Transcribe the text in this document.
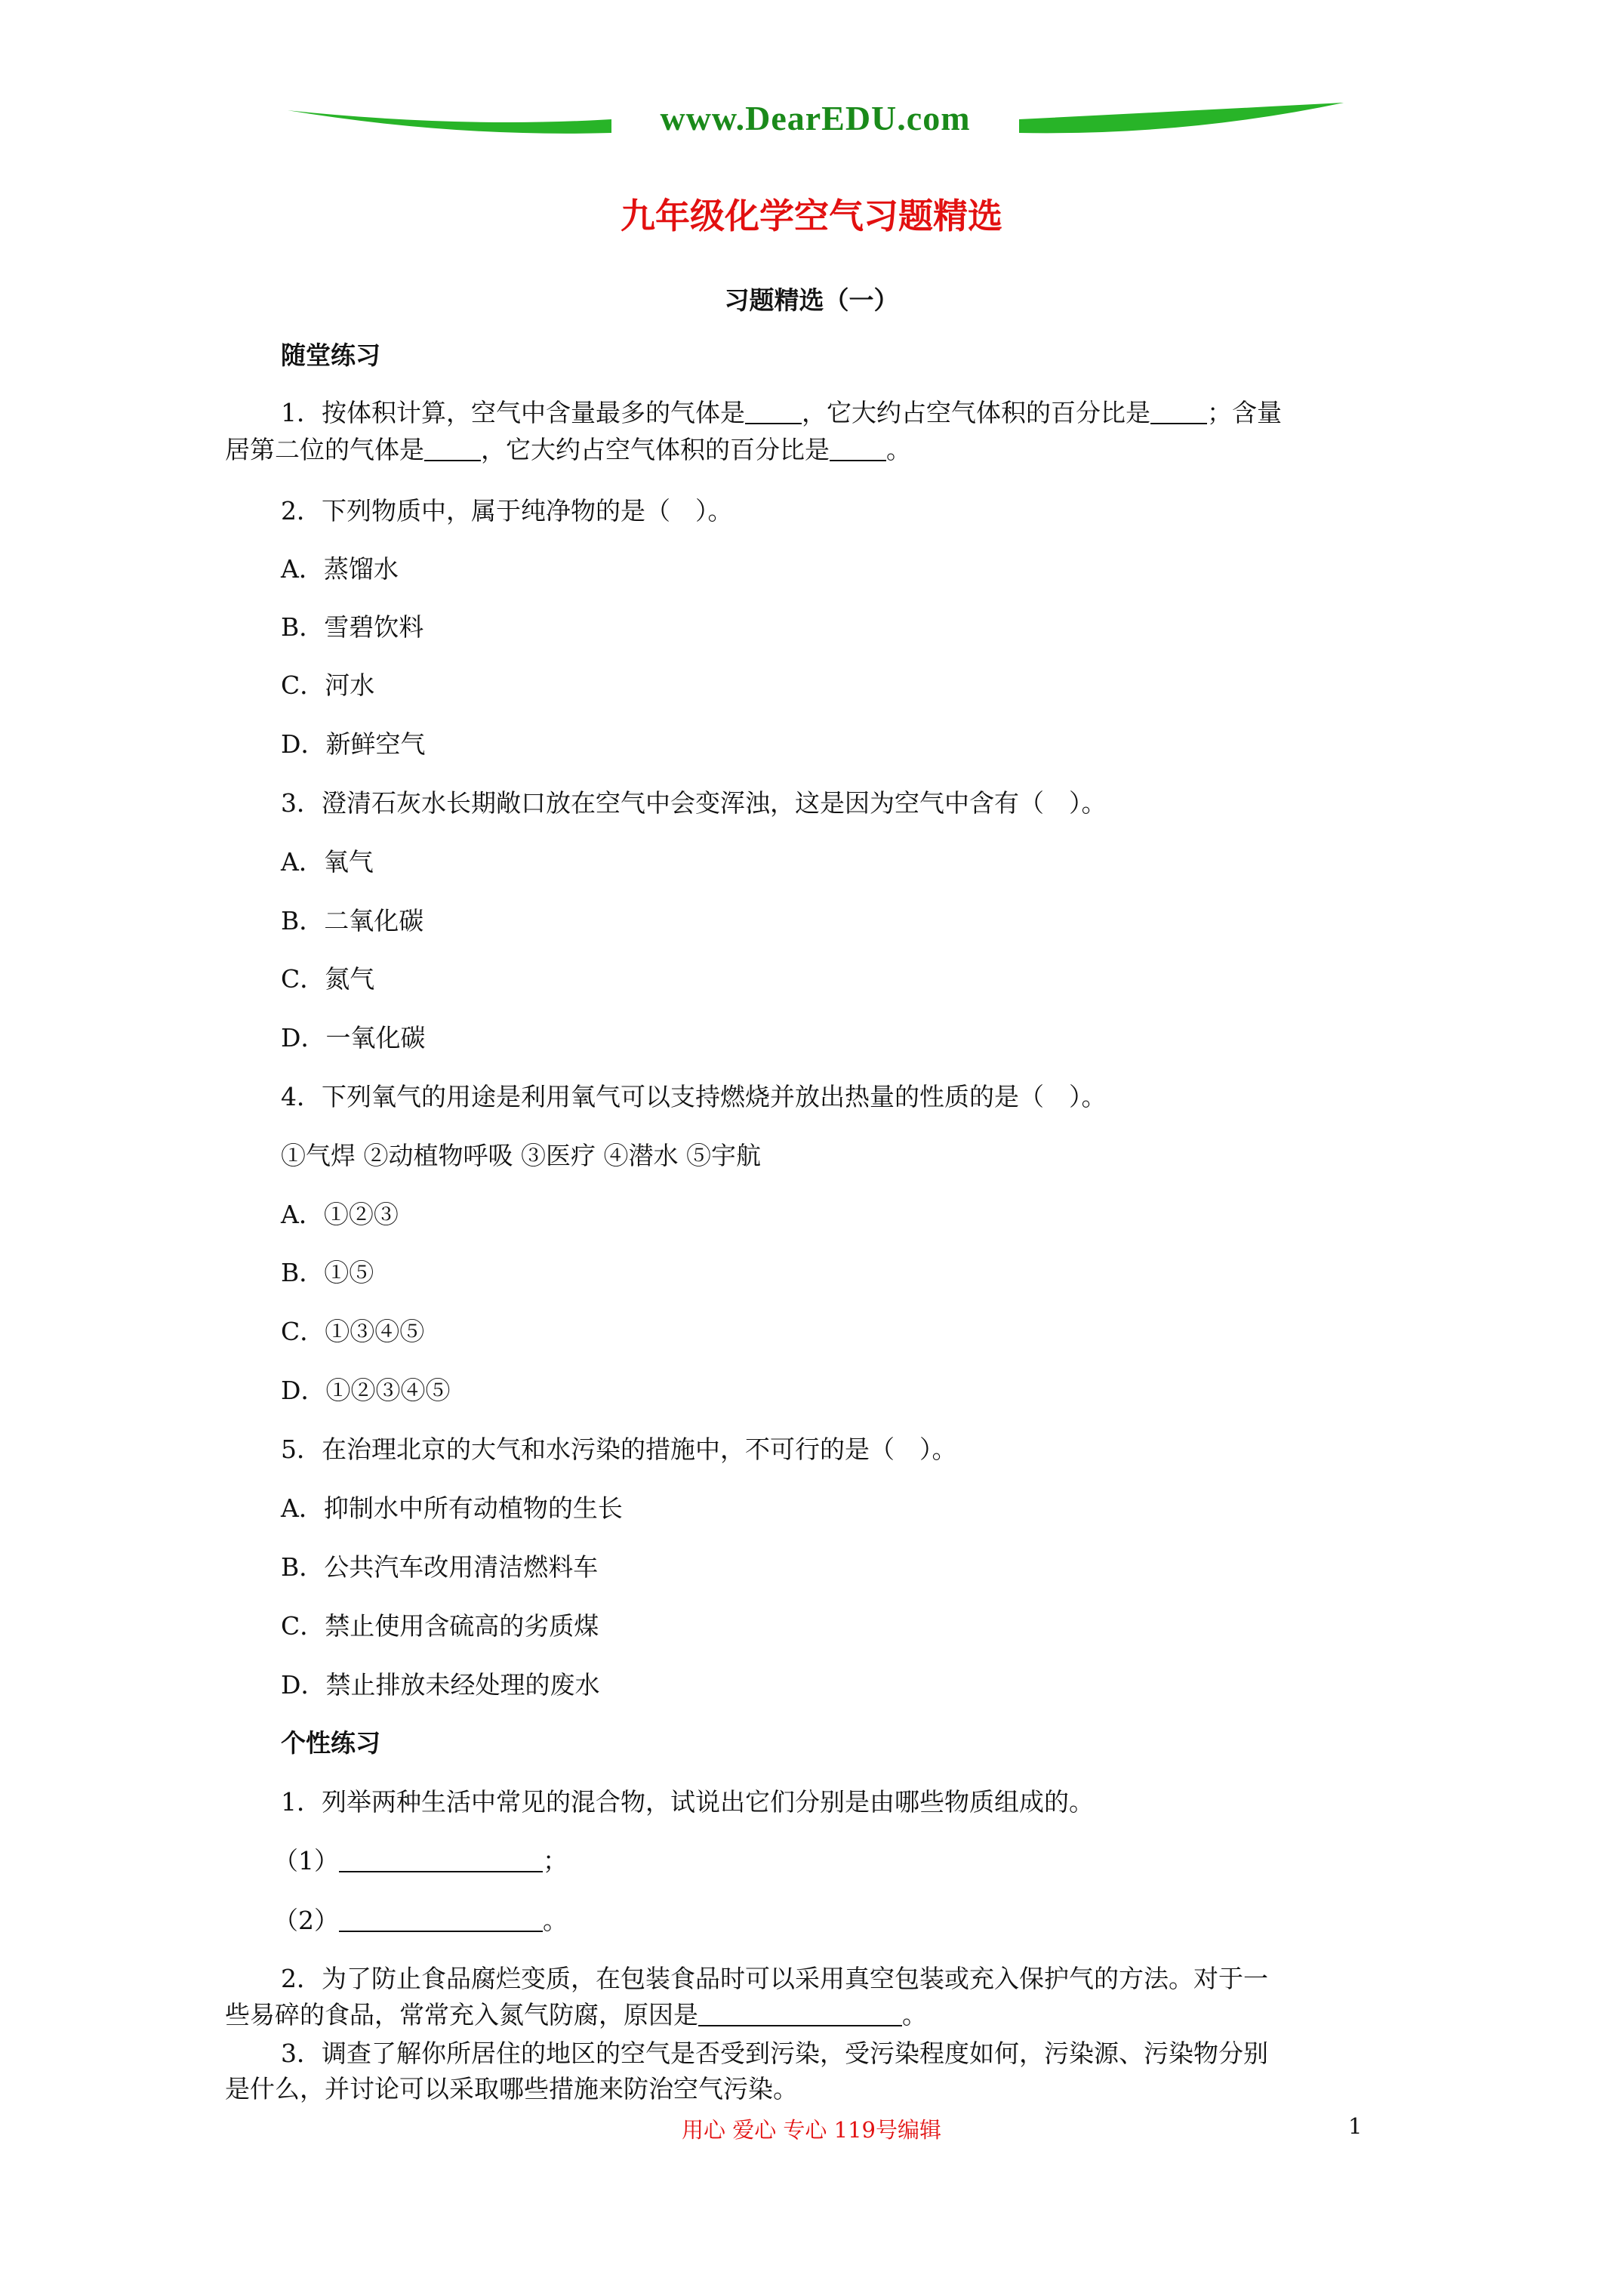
www.DearEDU.com
九年级化学空气习题精选
习题精选（一）
随堂练习
1．按体积计算，空气中含量最多的气体是 ，它大约占空气体积的百分比是 ；含量
居第二位的气体是 ，它大约占空气体积的百分比是 。
2．下列物质中，属于纯净物的是（　）。
A．蒸馏水
B．雪碧饮料
C．河水
D．新鲜空气
3．澄清石灰水长期敞口放在空气中会变浑浊，这是因为空气中含有（　）。
A．氧气
B．二氧化碳
C．氮气
D．一氧化碳
4．下列氧气的用途是利用氧气可以支持燃烧并放出热量的性质的是（　）。
①气焊 ②动植物呼吸 ③医疗 ④潜水 ⑤宇航
A．①②③
B．①⑤
C．①③④⑤
D．①②③④⑤
5．在治理北京的大气和水污染的措施中，不可行的是（　）。
A．抑制水中所有动植物的生长
B．公共汽车改用清洁燃料车
C．禁止使用含硫高的劣质煤
D．禁止排放未经处理的废水
个性练习
1．列举两种生活中常见的混合物，试说出它们分别是由哪些物质组成的。
（1）	；
（2）	。
2．为了防止食品腐烂变质，在包装食品时可以采用真空包装或充入保护气的方法。对于一
些易碎的食品，常常充入氮气防腐，原因是	。
3．调查了解你所居住的地区的空气是否受到污染，受污染程度如何，污染源、污染物分别
是什么，并讨论可以采取哪些措施来防治空气污染。
用心 爱心 专心 119号编辑	1
